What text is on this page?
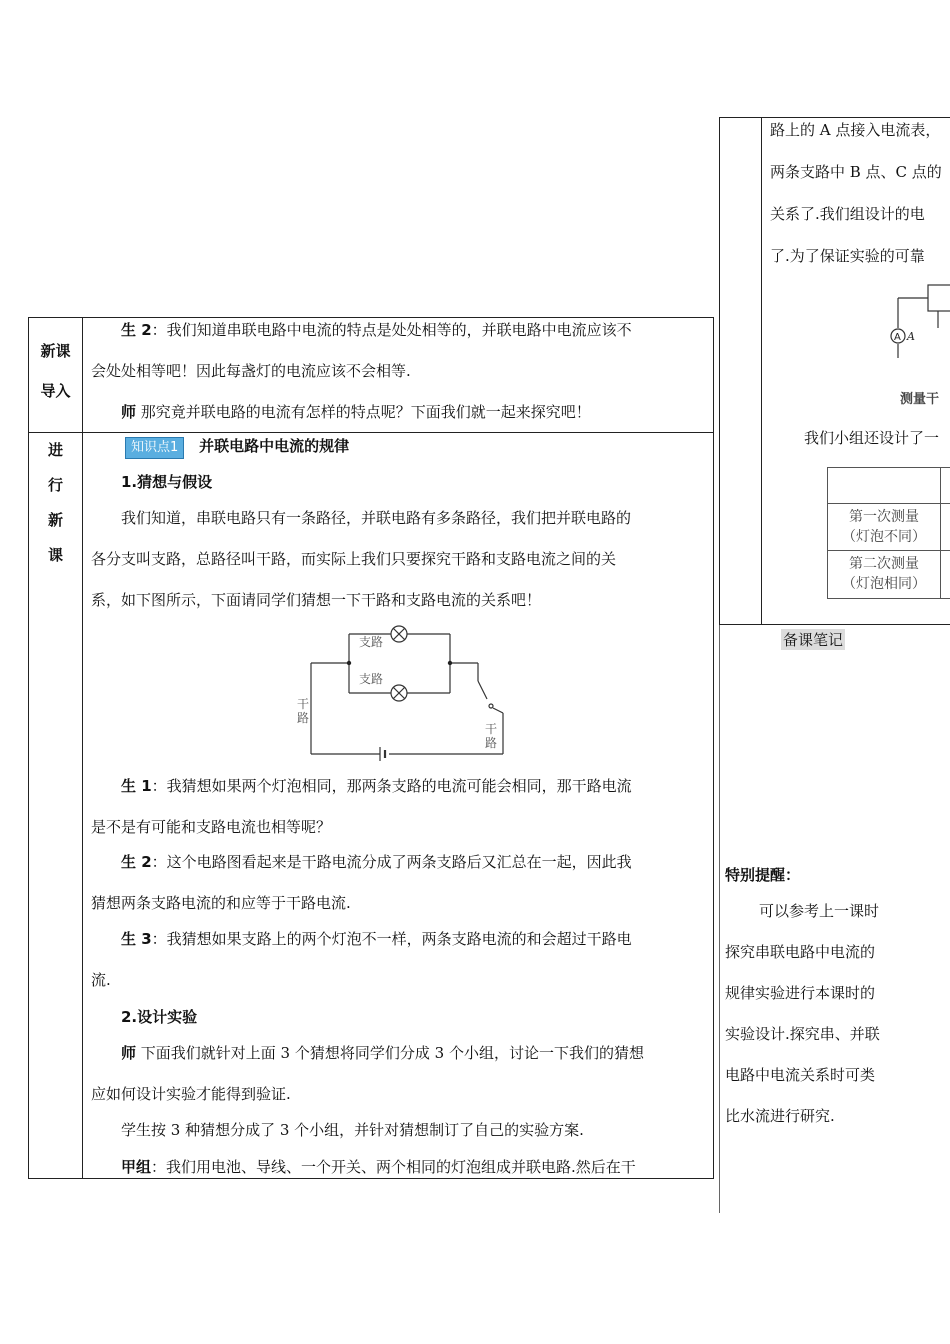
新课
导入
进
行
新
课
生 2：我们知道串联电路中电流的特点是处处相等的，并联电路中电流应该不
会处处相等吧！因此每盏灯的电流应该不会相等.
师 那究竟并联电路的电流有怎样的特点呢？下面我们就一起来探究吧！
知识点1 并联电路中电流的规律
1.猜想与假设
我们知道，串联电路只有一条路径，并联电路有多条路径，我们把并联电路的
各分支叫支路，总路径叫干路，而实际上我们只要探究干路和支路电流之间的关
系，如下图所示，下面请同学们猜想一下干路和支路电流的关系吧！
支路
支路
干
路
干
路
生 1：我猜想如果两个灯泡相同，那两条支路的电流可能会相同，那干路电流
是不是有可能和支路电流也相等呢？
生 2：这个电路图看起来是干路电流分成了两条支路后又汇总在一起，因此我
猜想两条支路电流的和应等于干路电流.
生 3：我猜想如果支路上的两个灯泡不一样，两条支路电流的和会超过干路电
流.
2.设计实验
师 下面我们就针对上面 3 个猜想将同学们分成 3 个小组，讨论一下我们的猜想
应如何设计实验才能得到验证.
学生按 3 种猜想分成了 3 个小组，并针对猜想制订了自己的实验方案.
甲组：我们用电池、导线、一个开关、两个相同的灯泡组成并联电路.然后在干
路上的 A 点接入电流表，
两条支路中 B 点、C 点的
关系了.我们组设计的电
了.为了保证实验的可靠
A A
测量干
我们小组还设计了一
第一次测量
（灯泡不同）
第二次测量
（灯泡相同）
备课笔记
特别提醒：
可以参考上一课时
探究串联电路中电流的
规律实验进行本课时的
实验设计.探究串、并联
电路中电流关系时可类
比水流进行研究.
